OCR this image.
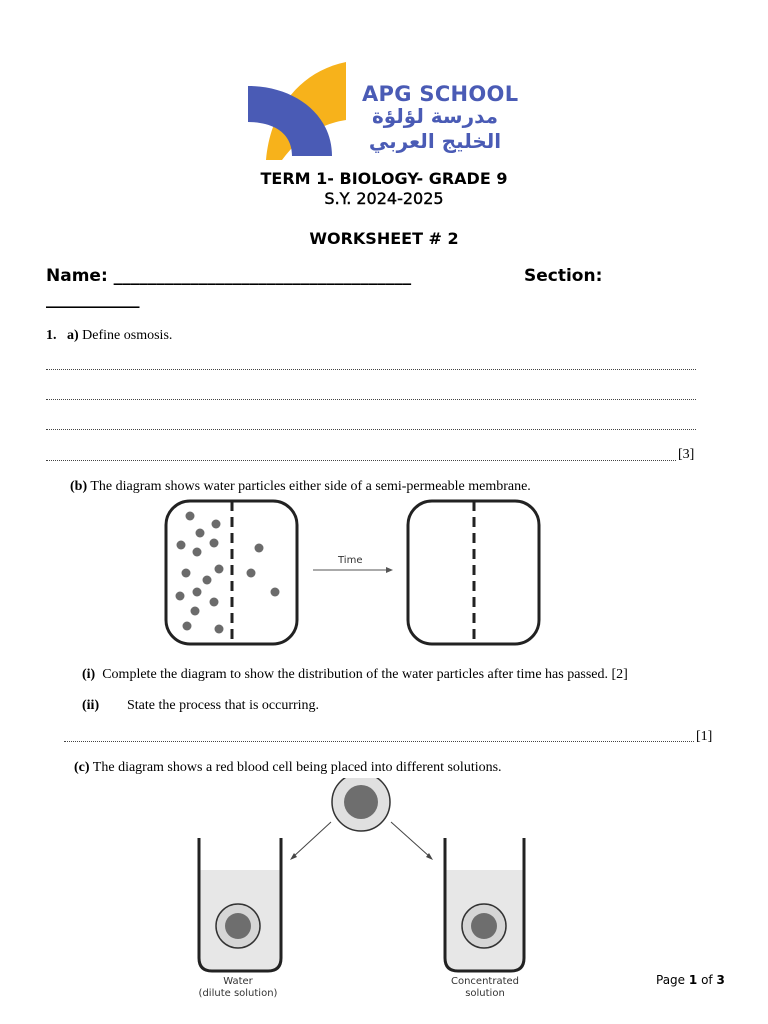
APG SCHOOL
مدرسة لؤلؤة
الخليج العربي
TERM 1- BIOLOGY- GRADE 9
S.Y. 2024-2025
WORKSHEET # 2
Name: ___________________________________	Section:
___________
1. a) Define osmosis.
[3]
(b) The diagram shows water particles either side of a semi-permeable membrane.
Time
(i) Complete the diagram to show the distribution of the water particles after time has passed. [2]
(ii) State the process that is occurring.
[1]
(c) The diagram shows a red blood cell being placed into different solutions.
Water
(dilute solution)
Concentrated
solution
Page 1 of 3
